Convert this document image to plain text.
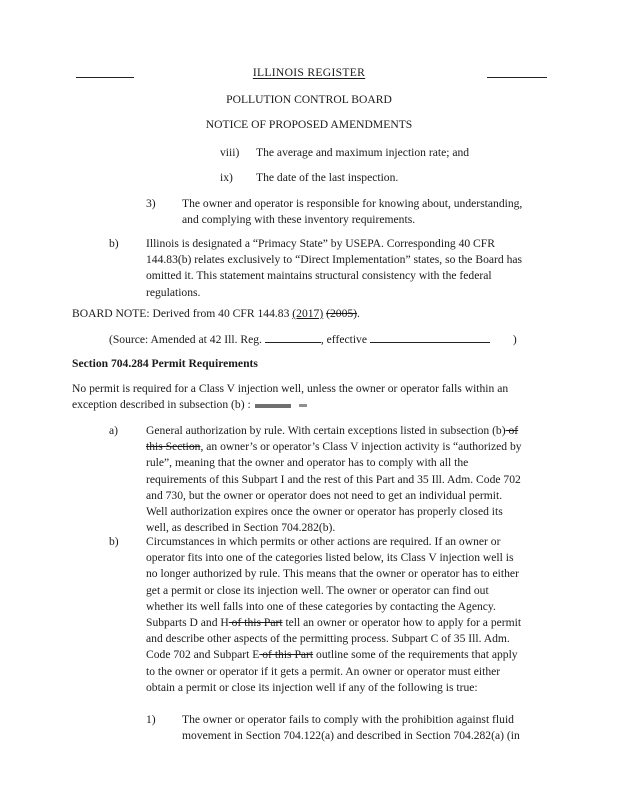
ILLINOIS REGISTER
POLLUTION CONTROL BOARD
NOTICE OF PROPOSED AMENDMENTS
viii) The average and maximum injection rate; and
ix) The date of the last inspection.
3) The owner and operator is responsible for knowing about, understanding,
and complying with these inventory requirements.
b) Illinois is designated a “Primacy State” by USEPA. Corresponding 40 CFR
144.83(b) relates exclusively to “Direct Implementation” states, so the Board has
omitted it. This statement maintains structural consistency with the federal
regulations.
BOARD NOTE: Derived from 40 CFR 144.83 (2017) (2005).
(Source: Amended at 42 Ill. Reg.	, effective	)
Section 704.284 Permit Requirements
No permit is required for a Class V injection well, unless the owner or operator falls within an
exception described in subsection (b) :
a) General authorization by rule. With certain exceptions listed in subsection (b) of
this Section, an owner’s or operator’s Class V injection activity is “authorized by
rule”, meaning that the owner and operator has to comply with all the
requirements of this Subpart I and the rest of this Part and 35 Ill. Adm. Code 702
and 730, but the owner or operator does not need to get an individual permit.
Well authorization expires once the owner or operator has properly closed its
well, as described in Section 704.282(b).
b) Circumstances in which permits or other actions are required. If an owner or
operator fits into one of the categories listed below, its Class V injection well is
no longer authorized by rule. This means that the owner or operator has to either
get a permit or close its injection well. The owner or operator can find out
whether its well falls into one of these categories by contacting the Agency.
Subparts D and H of this Part tell an owner or operator how to apply for a permit
and describe other aspects of the permitting process. Subpart C of 35 Ill. Adm.
Code 702 and Subpart E of this Part outline some of the requirements that apply
to the owner or operator if it gets a permit. An owner or operator must either
obtain a permit or close its injection well if any of the following is true:
1) The owner or operator fails to comply with the prohibition against fluid
movement in Section 704.122(a) and described in Section 704.282(a) (in
